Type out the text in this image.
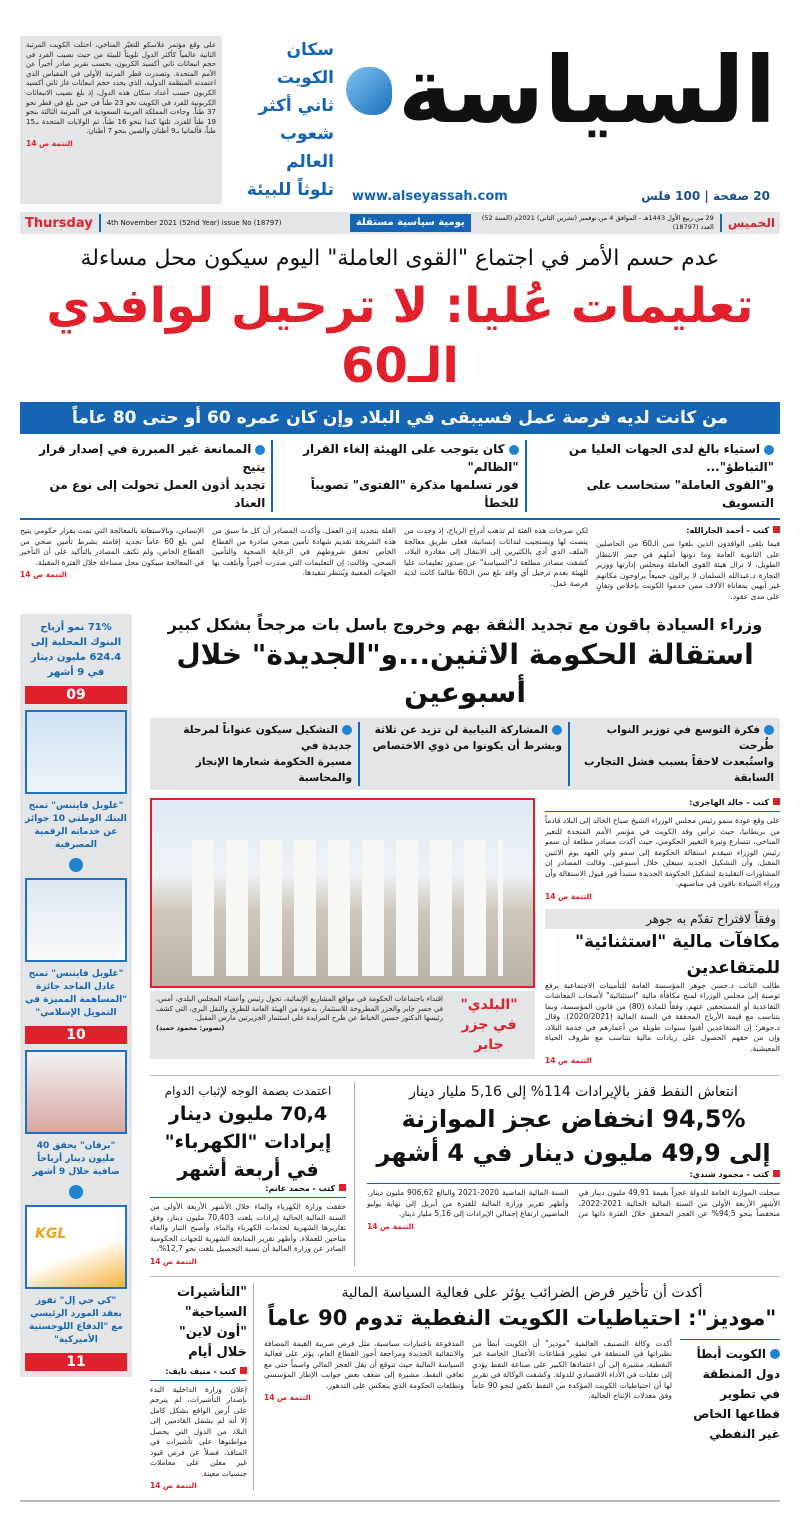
السياسة
20 صفحة | 100 فلس
www.alseyassah.com
سكان الكويت
ثاني أكثر
شعوب العالم
تلوثاً للبيئة
على وقع مؤتمر غلاسكو للتغيّر المناخي، احتلت الكويت المرتبة الثانية عالمياً كأكثر الدول تلويثاً للبيئة من حيث نصيب الفرد في حجم انبعاثات ثاني أكسيد الكربون، بحسب تقرير صادر أخيراً عن الأمم المتحدة. وتصدرت قطر المرتبة الأولى في المقياس الذي اعتمدته المنظمة الدولية، الذي يحدد حجم انبعاثات غاز ثاني أكسيد الكربون حسب أعداد سكان هذه الدول، إذ بلغ نصيب الانبعاثات الكربونية للفرد في الكويت نحو 23 طناً في حين بلغ في قطر نحو 37 طناً. وجاءت المملكة العربية السعودية في المرتبة الثالثة بنحو 19 طناً للفرد، تلتها كندا بنحو 16 طناً، ثم الولايات المتحدة بـ15 طناً، فألمانيا بـ9 أطنان والصين بنحو 7 أطنان.
التتمة ص 14
الخميس
29 من ربيع الأول 1443هـ - الموافق 4 من نوفمبر (تشرين الثاني) 2021م (السنة 52) العدد (18797)
يومية سياسية مستقلة
4th November 2021 (52nd Year) issue No (18797)
Thursday
عدم حسم الأمر في اجتماع "القوى العاملة" اليوم سيكون محل مساءلة
تعليمات عُليا: لا ترحيل لوافدي الـ60
من كانت لديه فرصة عمل فسيبقى في البلاد وإن كان عمره 60 أو حتى 80 عاماً
استياء بالغ لدى الجهات العليا من "التباطؤ"...
و"القوى العاملة" ستحاسب على التسويف
كان يتوجب على الهيئة إلغاء القرار "الظالم"
فور تسلمها مذكرة "الفتوى" تصويباً للخطأ
الممانعة غير المبررة في إصدار قرار يتيح
تجديد أذون العمل تحولت إلى نوع من العناد
كتب - أحمد الجارالله:
فيما يلقى الوافدون الذين بلغوا سن الـ60 من الحاصلين على الثانوية العامة وما دونها أملهم في جمر الانتظار الطويل، لا تزال هيئة القوى العاملة ومجلس إدارتها ووزير التجارة د.عبدالله السلمان لا يزالون جميعاً يراوحون مكانهم غير آبهين بمعاناة الآلاف ممن خدموا الكويت بإخلاص وتفانٍ على مدى عقود.
لكن صرخات هذه الفئة لم تذهب أدراج الرياح، إذ وجدت من ينصت لها ويستجيب لندائات إنسانية، فعلى طريق معالجة الملف الذي أدى بالكثيرين إلى الانتقال إلى مغادرة البلاد، كشفت مصادر مطلعة لـ"السياسة" عن صدور تعليمات عليا للهيئة بعدم ترحيل أي وافد بلغ سن الـ60 طالما كانت لديه فرصة عمل.
القلة بتجديد إذن العمل. وأكدت المصادر أن كل ما سبق من هذه الشريحة تقديم شهادة تأمين صحي صادرة من القطاع الخاص تحقق شروطهم في الرعاية الصحية والتأمين الصحي، وقالت: إن التعليمات التي صدرت أخيراً وأبلغت بها الجهات المعنية ويُنتظر تنفيذها.
الإنساني، وبالاستعانة بالمعالجة التي تمت بقرار حكومي يتيح لمن بلغ 60 عاماً تجديد إقامته بشرط تأمين صحي من القطاع الخاص، ولم تكتف المصادر بالتأكيد على أن التأخير في المعالجة سيكون محل مساءلة خلال الفترة المقبلة.
التتمة ص 14
وزراء السيادة باقون مع تجديد الثقة بهم وخروج باسل بات مرجحاً بشكل كبير
استقالة الحكومة الاثنين...و"الجديدة" خلال أسبوعين
فكرة التوسع في توزير النواب طُرحت
واستُبعدت لاحقاً بسبب فشل التجارب السابقة
المشاركة النيابية لن تزيد عن ثلاثة
وبشرط أن يكونوا من ذوي الاختصاص
التشكيل سيكون عنواناً لمرحلة جديدة في
مسيرة الحكومة شعارها الإنجاز والمحاسبة
كتب - خالد الهاجري:
على وقع عودة سمو رئيس مجلس الوزراء الشيخ صباح الخالد إلى البلاد قادماً من بريطانيا، حيث ترأس وفد الكويت في مؤتمر الأمم المتحدة للتغير المناخي، تتسارع وتيرة التغيير الحكومي، حيث أكدت مصادر مطلعة أن سمو رئيس الوزراء سيقدم استقالة الحكومة إلى سمو ولي العهد يوم الاثنين المقبل، وأن التشكيل الجديد سيعلن خلال أسبوعين. وقالت المصادر إن المشاورات التقليدية لتشكيل الحكومة الجديدة ستبدأ فور قبول الاستقالة وأن وزراء السيادة باقون في مناصبهم.
التتمة ص 14
وفقاً لاقتراح تقدّم به جوهر
مكافآت مالية "استثنائية" للمتقاعدين
طالب النائب د.حسن جوهر المؤسسة العامة للتأمينات الاجتماعية برفع توصية إلى مجلس الوزراء لمنح مكافأة مالية "استثنائية" لأصحاب المعاشات التقاعدية أو المستحقين عنهم، وفقاً للمادة (80) من قانون المؤسسة، وبما يتناسب مع قيمة الأرباح المحققة في السنة المالية (2020/2021). وقال د.جوهر: إن المتقاعدين أفنوا سنوات طويلة من أعمارهم في خدمة البلاد، وإن من حقهم الحصول على زيادات مالية تتناسب مع ظروف الحياة المعيشية.
التتمة ص 14
"البلدي"
في جزر جابر
اقتداء باجتماعات الحكومة في مواقع المشاريع الإنمائية، تجول رئيس وأعضاء المجلس البلدي، أمس، في جسر جابر والجزر المطروحة للاستثمار، بدعوة من الهيئة العامة للطرق والنقل البري، التي كشف رئيسها الدكتور حسين الخياط عن طرح المزايدة على استثمار الجزيرتين مارس المقبل.
(تصوير: محمود حميد)
انتعاش النفط قفز بالإيرادات 114% إلى 5,16 مليار دينار
94,5% انخفاض عجز الموازنة
إلى 49,9 مليون دينار في 4 أشهر
كتب - محمود شندي:
سجلت الموازنة العامة للدولة عجزاً بقيمة 49,91 مليون دينار في الأشهر الأربعة الأولى من السنة المالية الحالية 2021-2022، منخفضاً بنحو 94,5% عن العجز المحقق خلال الفترة ذاتها من السنة المالية الماضية 2020-2021 والبالغ 906,62 مليون دينار. وأظهر تقرير وزارة المالية للفترة من أبريل إلى نهاية يوليو الماضيين ارتفاع إجمالي الإيرادات إلى 5,16 مليار دينار.
التتمة ص 14
اعتمدت بصمة الوجه لإثباب الدوام
70,4 مليون دينار إيرادات "الكهرباء" في أربعة أشهر
كتب - محمد غانم:
حققت وزارة الكهرباء والماء خلال الأشهر الأربعة الأولى من السنة المالية الحالية إيرادات بلغت 70,403 مليون دينار، وفق تقاريرها الشهرية لخدمات الكهرباء والماء، وأصبح التيار والماء متاحين للعملاء. وأظهر تقرير المتابعة الشهرية للجهات الحكومية الصادر عن وزارة المالية أن نسبة التحصيل بلغت نحو 12,7%.
التتمة ص 14
أكدت أن تأخير فرض الضرائب يؤثر على فعالية السياسة المالية
"موديز": احتياطيات الكويت النفطية تدوم 90 عاماً
الكويت أبطأ دول المنطقة في تطوير قطاعها الخاص غير النفطي
أكدت وكالة التصنيف العالمية "موديز" أن الكويت أبطأ من نظيراتها في المنطقة في تطوير قطاعات الأعمال الخاصة غير النفطية، مشيرة إلى أن اعتمادها الكبير على صناعة النفط يؤدي إلى تقلبات في الأداء الاقتصادي للدولة. وكشفت الوكالة في تقرير لها أن احتياطيات الكويت المؤكدة من النفط تكفي لنحو 90 عاماً وفق معدلات الإنتاج الحالية.
المدفوعة باعتبارات سياسية، مثل فرض ضريبة القيمة المضافة والانتقائية الجديدة ومراجعة أجور القطاع العام، يؤثر على فعالية السياسة المالية حيث تتوقع أن يقل العجز المالي واسماً حتى مع تعافي النفط، مشيرة إلى ضعف بعض جوانب الإطار المؤسسي وتطلعات الحكومة الذي ينعكس على التدهور.
التتمة ص 14
"التأشيرات السياحية" "أون لاين" خلال أيام
كتب - منيف نايف:
إعلان وزارة الداخلية البدء بإصدار التأشيرات، لم يترجم على أرض الواقع بشكل كامل إلا أنه لم يشمل القادمين إلى البلاد من الدول التي يحصل مواطنوها على تأشيرات في المنافذ، فضلاً عن فرض قيود غير معلن على معاملات جنسيات معينة.
التتمة ص 14
71% نمو أرباح البنوك المحلية إلى 624.4 مليون دينار في 9 أشهر
09
"غلوبل فايننس" تمنح البنك الوطني 10 جوائز عن خدماته الرقمية المصرفية
"غلوبل فايننس" تمنح عادل الماجد جائزة "المساهمة المميزة في التمويل الإسلامي"
10
"برقان" يحقق 40 مليون دينار أرباحاً صافية خلال 9 أشهر
KGL
"كي جي إل" تفوز بعقد المورد الرئيسي مع "الدفاع اللوجستية الأميركية"
11
